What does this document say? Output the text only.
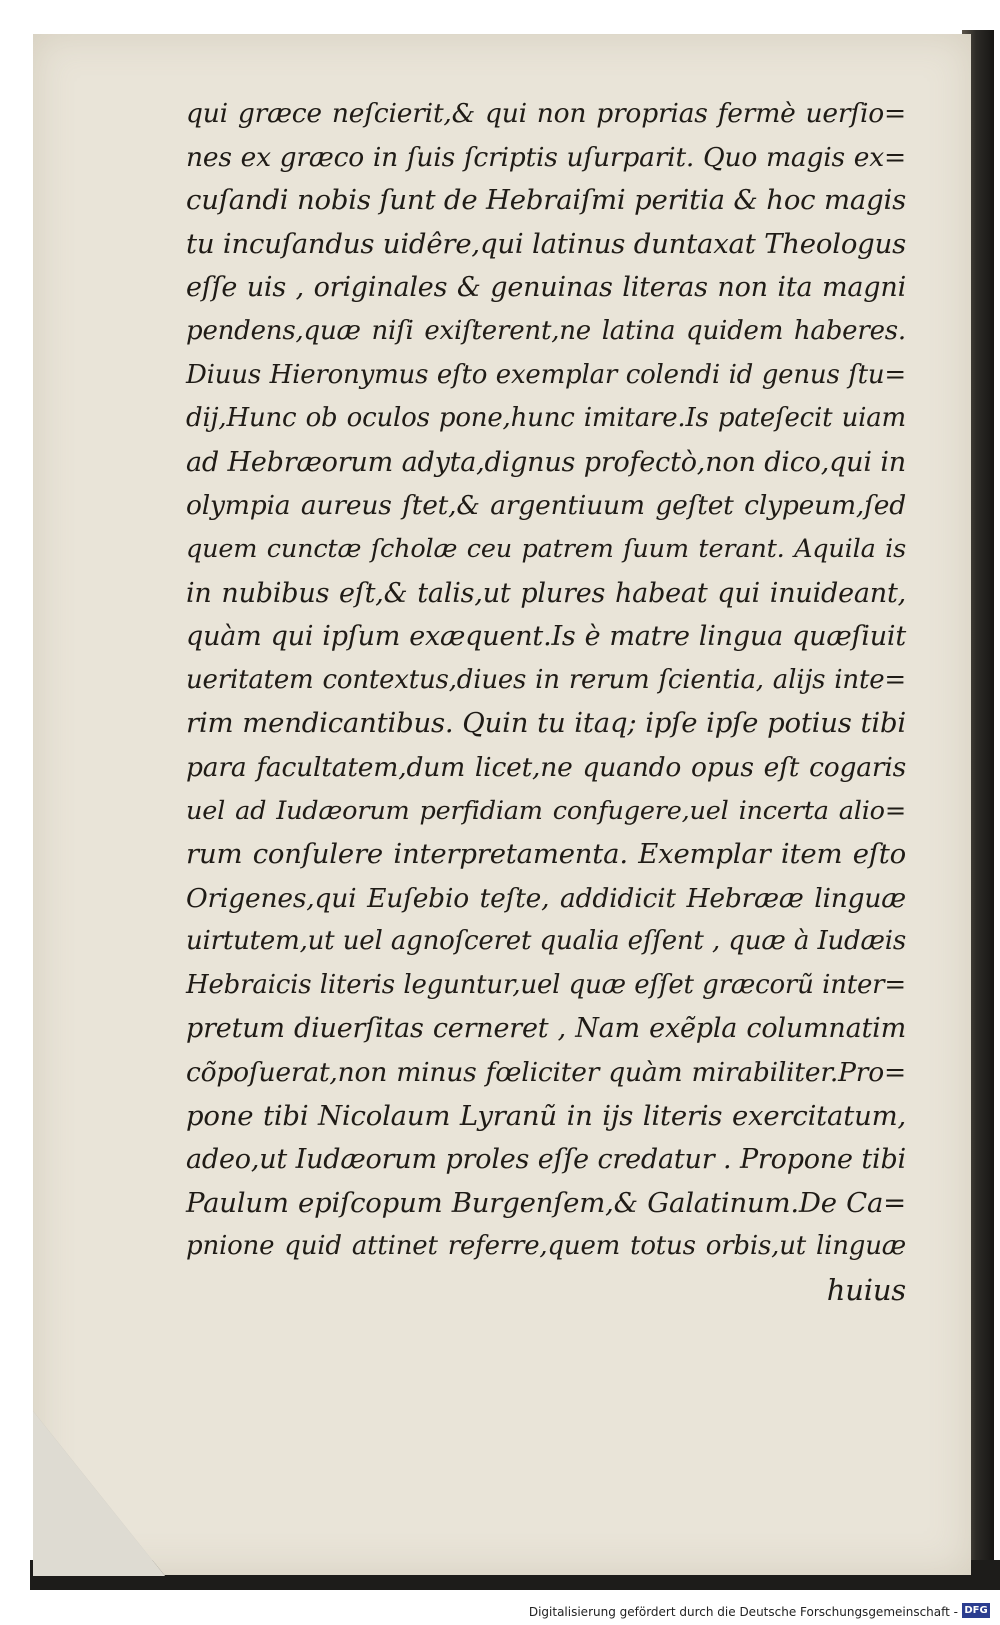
qui græce neſcierit,& qui non proprias fermè uerſio=
nes ex græco in ſuis ſcriptis uſurparit. Quo magis ex=
cuſandi nobis ſunt de Hebraiſmi peritia & hoc magis
tu incuſandus uidêre,qui latinus duntaxat Theologus
eſſe uis , originales & genuinas literas non ita magni
pendens,quæ niſi exiſterent,ne latina quidem haberes.
Diuus Hieronymus eſto exemplar colendi id genus ſtu=
dij,Hunc ob oculos pone,hunc imitare.Is pateſecit uiam
ad Hebræorum adyta,dignus profectò,non dico,qui in
olympia aureus ſtet,& argentiuum geſtet clypeum,ſed
quem cunctæ ſcholæ ceu patrem ſuum terant. Aquila is
in nubibus eſt,& talis,ut plures habeat qui inuideant,
quàm qui ipſum exæquent.Is è matre lingua quæſiuit
ueritatem contextus,diues in rerum ſcientia, alijs inte=
rim mendicantibus. Quin tu itaq; ipſe ipſe potius tibi
para facultatem,dum licet,ne quando opus eſt cogaris
uel ad Iudæorum perfidiam confugere,uel incerta alio=
rum conſulere interpretamenta. Exemplar item eſto
Origenes,qui Euſebio teſte, addidicit Hebrææ linguæ
uirtutem,ut uel agnoſceret qualia eſſent , quæ à Iudæis
Hebraicis literis leguntur,uel quæ eſſet græcorũ inter=
pretum diuerſitas cerneret , Nam exẽpla columnatim
cõpoſuerat,non minus fœliciter quàm mirabiliter.Pro=
pone tibi Nicolaum Lyranũ in ijs literis exercitatum,
adeo,ut Iudæorum proles eſſe credatur . Propone tibi
Paulum epiſcopum Burgenſem,& Galatinum.De Ca=
pnione quid attinet referre,quem totus orbis,ut linguæ
huius
Digitalisierung gefördert durch die Deutsche Forschungsgemeinschaft - DFG
